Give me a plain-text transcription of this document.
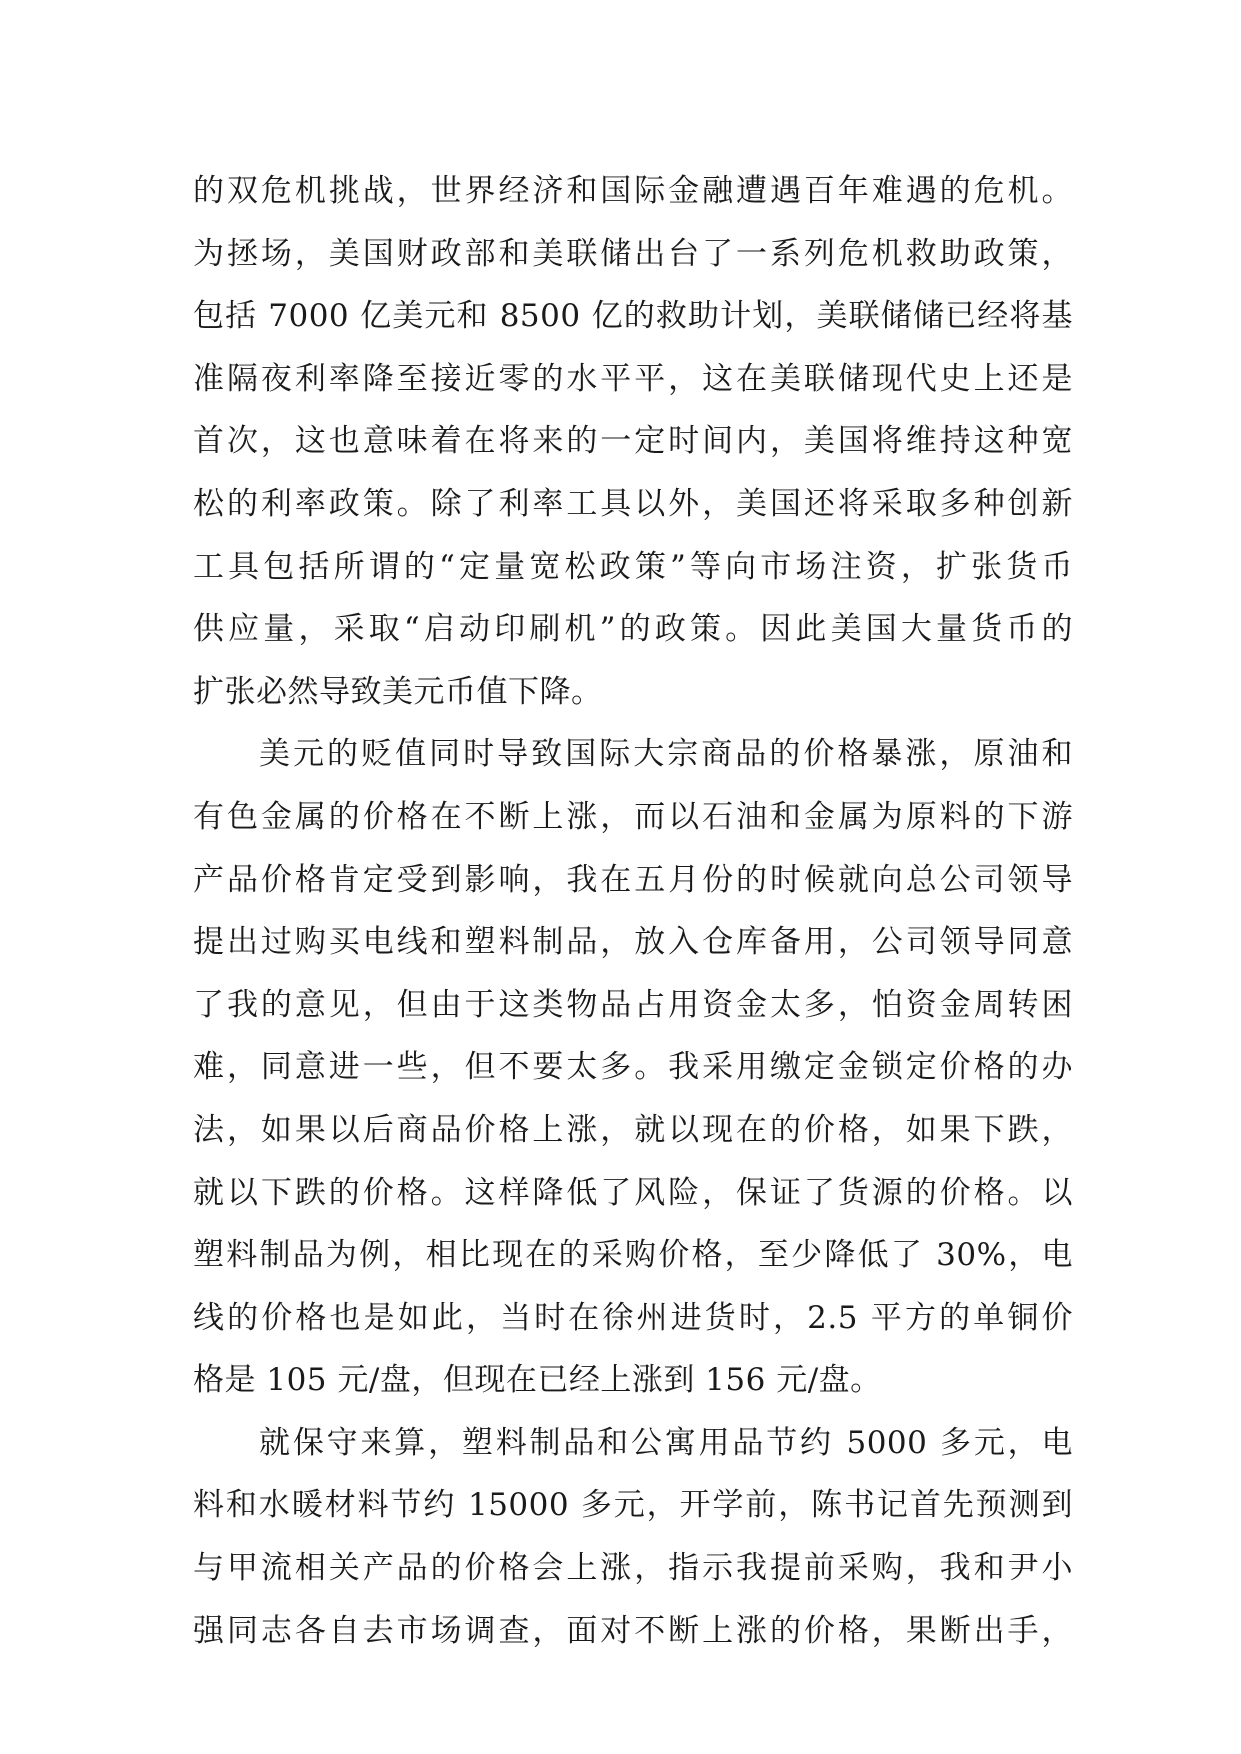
的双危机挑战，世界经济和国际金融遭遇百年难遇的危机。
为拯场，美国财政部和美联储出台了一系列危机救助政策，
包括 7000 亿美元和 8500 亿的救助计划，美联储储已经将基
准隔夜利率降至接近零的水平平，这在美联储现代史上还是
首次，这也意味着在将来的一定时间内，美国将维持这种宽
松的利率政策。除了利率工具以外，美国还将采取多种创新
工具包括所谓的“定量宽松政策”等向市场注资，扩张货币
供应量，采取“启动印刷机”的政策。因此美国大量货币的
扩张必然导致美元币值下降。
美元的贬值同时导致国际大宗商品的价格暴涨，原油和
有色金属的价格在不断上涨，而以石油和金属为原料的下游
产品价格肯定受到影响，我在五月份的时候就向总公司领导
提出过购买电线和塑料制品，放入仓库备用，公司领导同意
了我的意见，但由于这类物品占用资金太多，怕资金周转困
难，同意进一些，但不要太多。我采用缴定金锁定价格的办
法，如果以后商品价格上涨，就以现在的价格，如果下跌，
就以下跌的价格。这样降低了风险，保证了货源的价格。以
塑料制品为例，相比现在的采购价格，至少降低了 30%，电
线的价格也是如此，当时在徐州进货时，2.5 平方的单铜价
格是 105 元/盘，但现在已经上涨到 156 元/盘。
就保守来算，塑料制品和公寓用品节约 5000 多元，电
料和水暖材料节约 15000 多元，开学前，陈书记首先预测到
与甲流相关产品的价格会上涨，指示我提前采购，我和尹小
强同志各自去市场调查，面对不断上涨的价格，果断出手，
